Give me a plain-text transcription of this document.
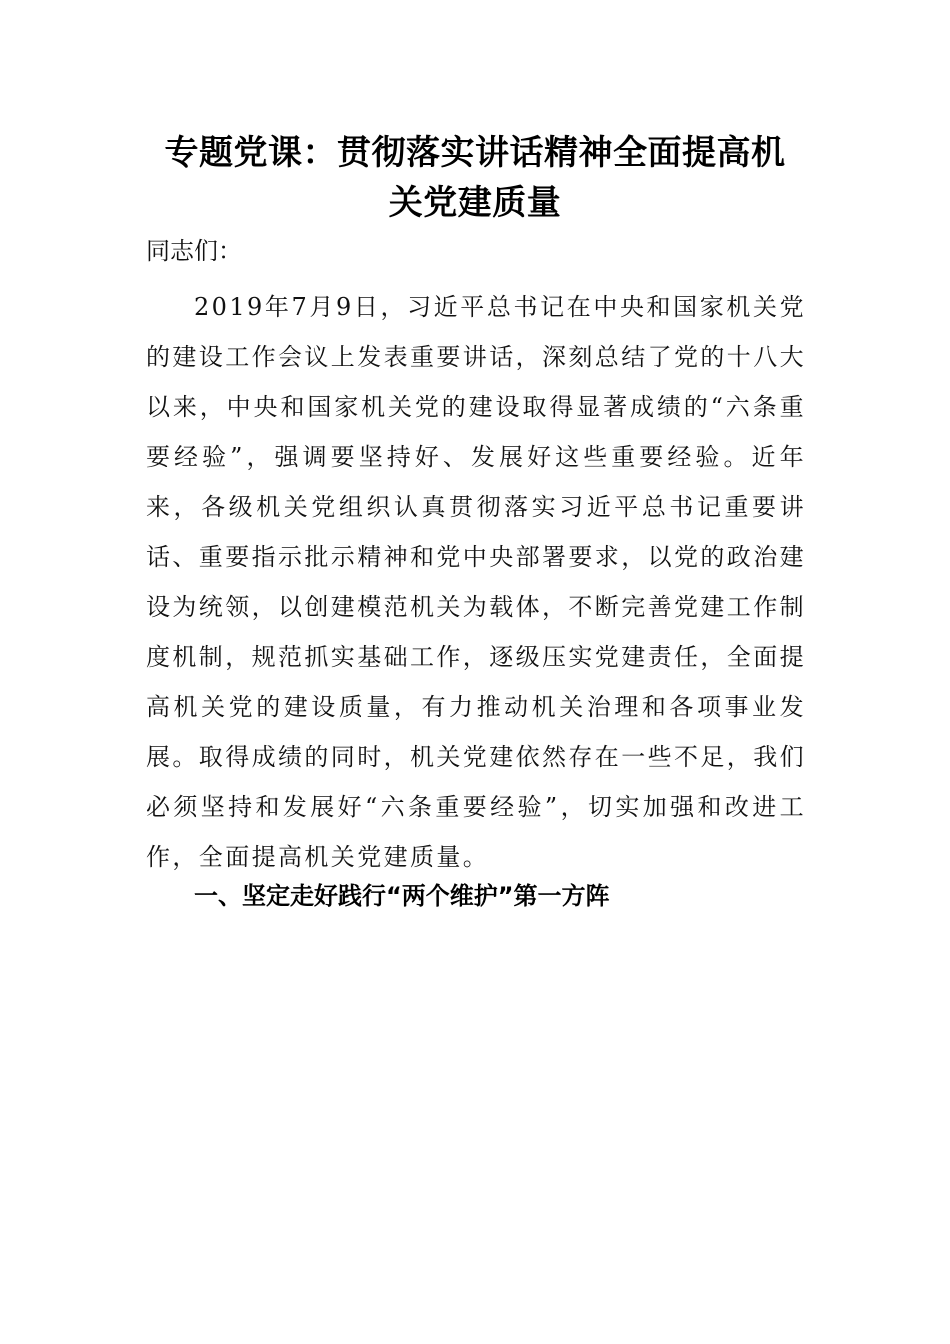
专题党课：贯彻落实讲话精神全面提高机
关党建质量
同志们：

2019年7月9日，习近平总书记在中央和国家机关党的建设工作会议上发表重要讲话，深刻总结了党的十八大以来，中央和国家机关党的建设取得显著成绩的“六条重要经验”，强调要坚持好、发展好这些重要经验。近年来，各级机关党组织认真贯彻落实习近平总书记重要讲话、重要指示批示精神和党中央部署要求，以党的政治建设为统领，以创建模范机关为载体，不断完善党建工作制度机制，规范抓实基础工作，逐级压实党建责任，全面提高机关党的建设质量，有力推动机关治理和各项事业发展。取得成绩的同时，机关党建依然存在一些不足，我们必须坚持和发展好“六条重要经验”，切实加强和改进工作，全面提高机关党建质量。

一、坚定走好践行“两个维护”第一方阵
